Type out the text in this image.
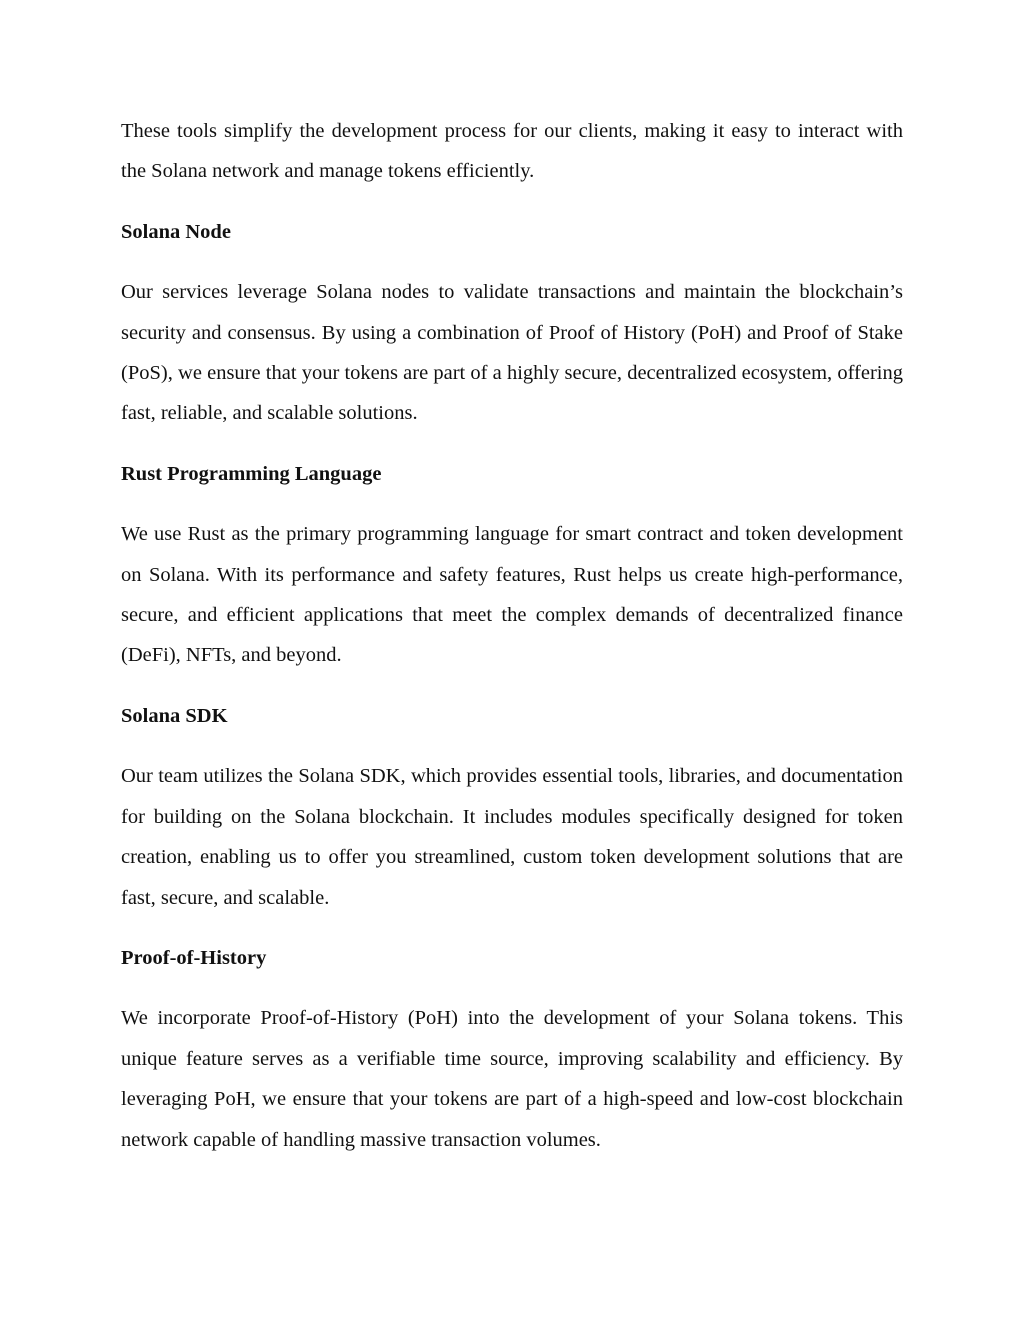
These tools simplify the development process for our clients, making it easy to interact with the Solana network and manage tokens efficiently.

Solana Node

Our services leverage Solana nodes to validate transactions and maintain the blockchain’s security and consensus. By using a combination of Proof of History (PoH) and Proof of Stake (PoS), we ensure that your tokens are part of a highly secure, decentralized ecosystem, offering fast, reliable, and scalable solutions.

Rust Programming Language

We use Rust as the primary programming language for smart contract and token development on Solana. With its performance and safety features, Rust helps us create high-performance, secure, and efficient applications that meet the complex demands of decentralized finance (DeFi), NFTs, and beyond.

Solana SDK

Our team utilizes the Solana SDK, which provides essential tools, libraries, and documentation for building on the Solana blockchain. It includes modules specifically designed for token creation, enabling us to offer you streamlined, custom token development solutions that are fast, secure, and scalable.

Proof-of-History

We incorporate Proof-of-History (PoH) into the development of your Solana tokens. This unique feature serves as a verifiable time source, improving scalability and efficiency. By leveraging PoH, we ensure that your tokens are part of a high-speed and low-cost blockchain network capable of handling massive transaction volumes.
